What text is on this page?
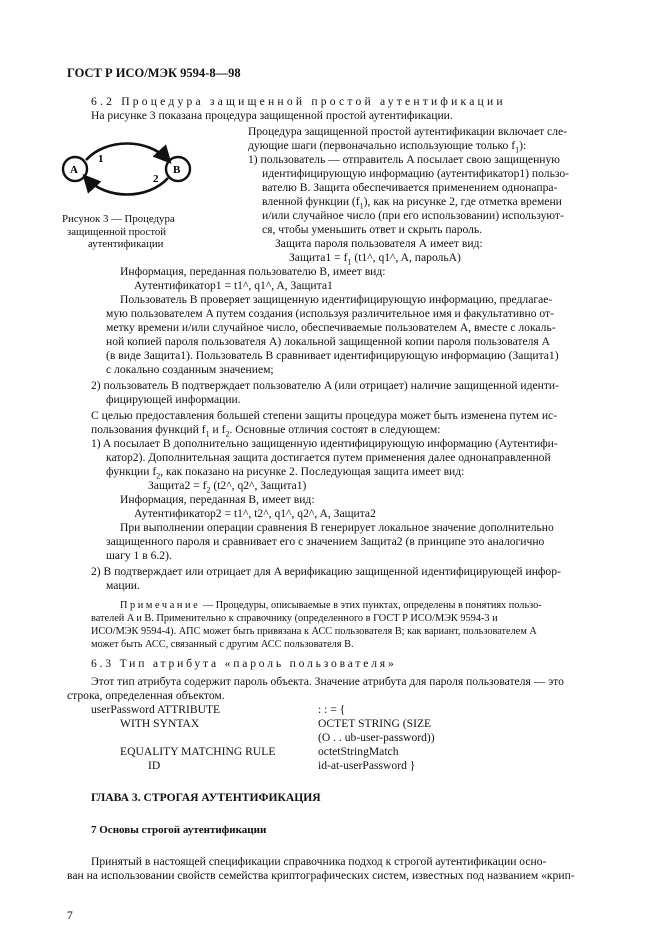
ГОСТ Р ИСО/МЭК 9594-8—98
6.2 Процедура защищенной простой аутентификации
На рисунке 3 показана процедура защищенной простой аутентификации.
A	B
1
2
Рисунок 3 — Процедура
защищенной простой
аутентификации
Процедура защищенной простой аутентификации включает сле-
дующие шаги (первоначально использующие только $f_1$):
1) пользователь — отправитель A посылает свою защищенную
идентифицирующую информацию (аутентификатор1) пользо-
вателю B. Защита обеспечивается применением однонапра-
вленной функции $(f_1)$, как на рисунке 2, где отметка времени
и/или случайное число (при его использовании) используют-
ся, чтобы уменьшить ответ и скрыть пароль.
Защита пароля пользователя А имеет вид:
Защита1 = $f_1$ (t1^, q1^, A, парольA)
Информация, переданная пользователю B, имеет вид:
Аутентификатор1 = t1^, q1^, A, Защита1
Пользователь B проверяет защищенную идентифицирующую информацию, предлагае-
мую пользователем A путем создания (используя различительное имя и факультативно от-
метку времени и/или случайное число, обеспечиваемые пользователем A, вместе с локаль-
ной копией пароля пользователя A) локальной защищенной копии пароля пользователя A
(в виде Защита1). Пользователь B сравнивает идентифицирующую информацию (Защита1)
с локально созданным значением;
2) пользователь B подтверждает пользователю A (или отрицает) наличие защищенной иденти-
фицирующей информации.
С целью предоставления большей степени защиты процедура может быть изменена путем ис-
пользования функций $f_1$ и $f_2$. Основные отличия состоят в следующем:
1) A посылает B дополнительно защищенную идентифицирующую информацию (Аутентифи-
катор2). Дополнительная защита достигается путем применения далее однонаправленной
функции $f_2$, как показано на рисунке 2. Последующая защита имеет вид:
Защита2 = $f_2$ (t2^, q2^, Защита1)
Информация, переданная B, имеет вид:
Аутентификатор2 = t1^, t2^, q1^, q2^, A, Защита2
При выполнении операции сравнения B генерирует локальное значение дополнительно
защищенного пароля и сравнивает его с значением Защита2 (в принципе это аналогично
шагу 1 в 6.2).
2) B подтверждает или отрицает для A верификацию защищенной идентифицирующей инфор-
мации.
Примечание — Процедуры, описываемые в этих пунктах, определены в понятиях пользо-
вателей A и B. Применительно к справочнику (определенного в ГОСТ Р ИСО/МЭК 9594-3 и
ИСО/МЭК 9594-4). АПС может быть привязана к АСС пользователя B; как вариант, пользователем A
может быть АСС, связанный с другим АСС пользователя B.
6.3 Тип атрибута «пароль пользователя»
Этот тип атрибута содержит пароль объекта. Значение атрибута для пароля пользователя — это
строка, определенная объектом.
userPassword ATTRIBUTE	: : = {
WITH SYNTAX	OCTET STRING (SIZE
(O . . ub-user-password))
EQUALITY MATCHING RULE	octetStringMatch
ID	id-at-userPassword }
ГЛАВА 3. СТРОГАЯ АУТЕНТИФИКАЦИЯ
7 Основы строгой аутентификации
Принятый в настоящей спецификации справочника подход к строгой аутентификации осно-
ван на использовании свойств семейства криптографических систем, известных под названием «крип-
7
